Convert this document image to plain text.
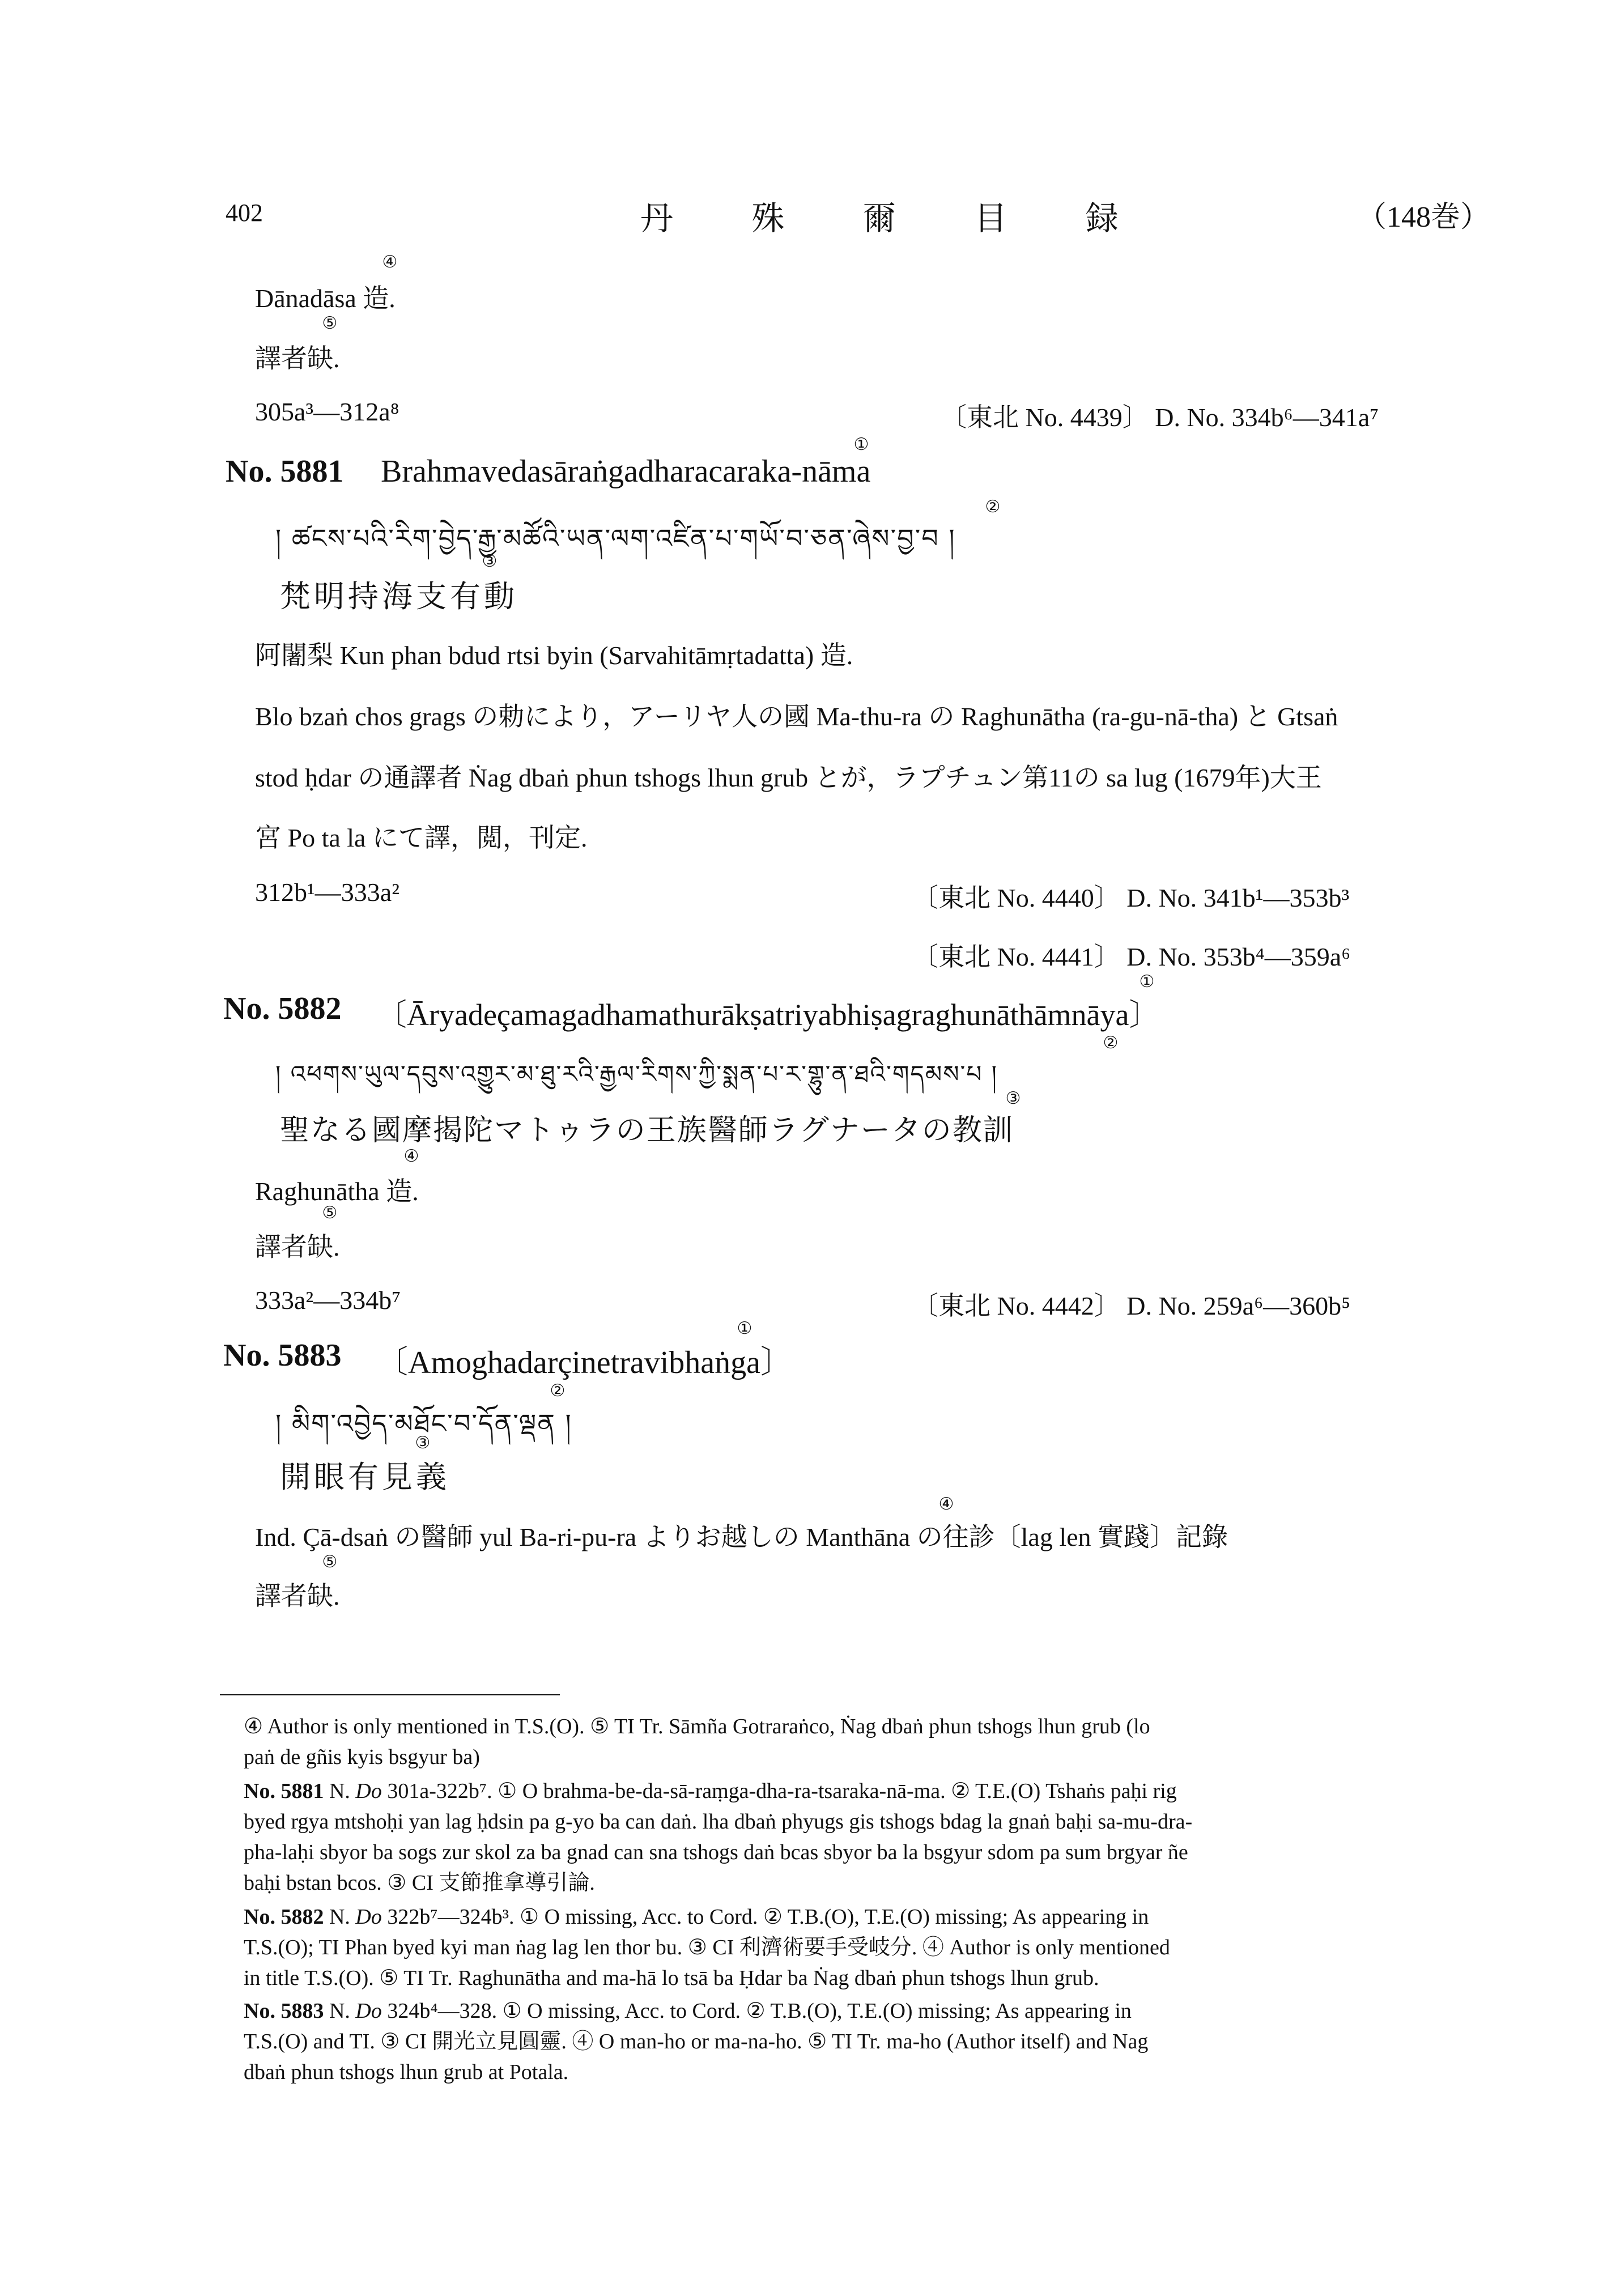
402	丹 殊 爾 目 録	（148巻）
④
Dānadāsa 造.
⑤
譯者缺.
305a³—312a⁸	〔東北 No. 4439〕 D. No. 334b⁶—341a⁷
①
No. 5881 Brahmavedasāraṅgadharacaraka-nāma
②
། ཚངས་པའི་རིག་བྱེད་རྒྱ་མཚོའི་ཡན་ལག་འཛིན་པ་གཡོ་བ་ཅན་ཞེས་བྱ་བ །
③
梵明持海支有動
阿闍梨 Kun phan bdud rtsi byin (Sarvahitāmṛtadatta) 造.
Blo bzaṅ chos grags の勅により，アーリヤ人の國 Ma-thu-ra の Raghunātha (ra-gu-nā-tha) と Gtsaṅ
stod ḥdar の通譯者 Ṅag dbaṅ phun tshogs lhun grub とが，ラプチュン第11の sa lug (1679年)大王
宮 Po ta la にて譯，閲，刊定.
312b¹—333a²	〔東北 No. 4440〕 D. No. 341b¹—353b³
〔東北 No. 4441〕 D. No. 353b⁴—359a⁶
①
No. 5882 〔Āryadeçamagadhamathurākṣatriyabhiṣagraghunāthāmnāya〕
②
། འཕགས་ཡུལ་དབུས་འགྱུར་མ་ཐུ་རའི་རྒྱལ་རིགས་ཀྱི་སྨན་པ་ར་གྷུ་ན་ཐའི་གདམས་པ །
③
聖なる國摩揭陀マトゥラの王族醫師ラグナータの教訓
④
Raghunātha 造.
⑤
譯者缺.
333a²—334b⁷	〔東北 No. 4442〕 D. No. 259a⁶—360b⁵
①
No. 5883 〔Amoghadarçinetravibhaṅga〕
②
། མིག་འབྱེད་མཐོང་བ་དོན་ལྡན །
③
開眼有見義
④
Ind. Çā-dsaṅ の醫師 yul Ba-ri-pu-ra よりお越しの Manthāna の往診〔lag len 實踐〕記錄
⑤
譯者缺.
④ Author is only mentioned in T.S.(O). ⑤ TI Tr. Sāmña Gotraraṅco, Ṅag dbaṅ phun tshogs lhun grub (lo
paṅ de gñis kyis bsgyur ba)
No. 5881 N. Do 301a-322b⁷. ① O brahma-be-da-sā-raṃga-dha-ra-tsaraka-nā-ma. ② T.E.(O) Tshaṅs paḥi rig
byed rgya mtshoḥi yan lag ḥdsin pa g-yo ba can daṅ. lha dbaṅ phyugs gis tshogs bdag la gnaṅ baḥi sa-mu-dra-
pha-laḥi sbyor ba sogs zur skol za ba gnad can sna tshogs daṅ bcas sbyor ba la bsgyur sdom pa sum brgyar ñe
baḥi bstan bcos. ③ CI 支節推拿導引論.
No. 5882 N. Do 322b⁷—324b³. ① O missing, Acc. to Cord. ② T.B.(O), T.E.(O) missing; As appearing in
T.S.(O); TI Phan byed kyi man ṅag lag len thor bu. ③ CI 利濟術要手受岐分. ④ Author is only mentioned
in title T.S.(O). ⑤ TI Tr. Raghunātha and ma-hā lo tsā ba Ḥdar ba Ṅag dbaṅ phun tshogs lhun grub.
No. 5883 N. Do 324b⁴—328. ① O missing, Acc. to Cord. ② T.B.(O), T.E.(O) missing; As appearing in
T.S.(O) and TI. ③ CI 開光立見圓靈. ④ O man-ho or ma-na-ho. ⑤ TI Tr. ma-ho (Author itself) and Nag
dbaṅ phun tshogs lhun grub at Potala.
